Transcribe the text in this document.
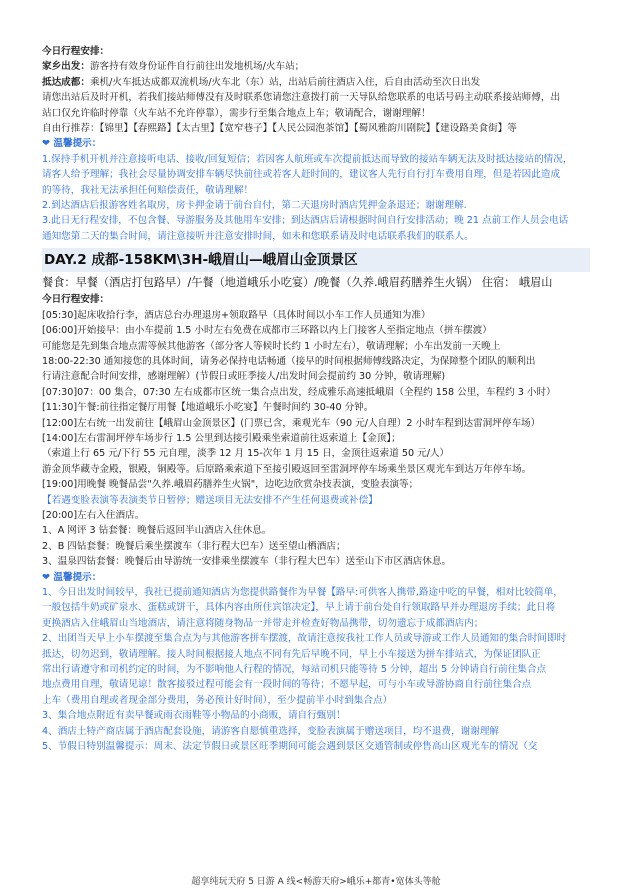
今日行程安排：
家乡出发：游客持有效身份证件自行前往出发地机场/火车站；
抵达成都：乘机/火车抵达成都双流机场/火车北（东）站，出站后前往酒店入住，后自由活动至次日出发
请您出站后及时开机，若我们接站师傅没有及时联系您请您注意拨打前一天导队给您联系的电话号码主动联系接站师傅，出
站口仅允许临时停靠（火车站不允许停靠），需步行至集合地点上车；敬请配合，谢谢理解！
自由行推荐：【锦里】【春熙路】【太古里】【宽窄巷子】【人民公园泡茶馆】【蜀风雅韵川剧院】【建设路美食街】等
❤ 温馨提示：
1.保持手机开机并注意接听电话、接收/回复短信；若因客人航班或车次提前抵达而导致的接站车辆无法及时抵达接站的情况，
请客人给予理解；我社会尽量协调安排车辆尽快前往或若客人赶时间的，建议客人先行自行打车费用自理，但是若因此造成
的等待，我社无法承担任何赔偿责任，敬请理解！
2.到达酒店后报游客姓名取房，房卡押金请于前台自付，第二天退房时酒店凭押金条退还；谢谢理解.
3.此日无行程安排，不包含餐、导游服务及其他用车安排；到达酒店后请根据时间自行安排活动；晚 21 点前工作人员会电话
通知您第二天的集合时间，请注意接听并注意安排时间，如未和您联系请及时电话联系我们的联系人。
DAY.2 成都-158KM\3H-峨眉山—峨眉山金顶景区
餐食：早餐（酒店打包路早）/午餐（地道峨乐小吃宴）/晚餐（久养.峨眉药膳养生火锅） 住宿： 峨眉山
今日行程安排：
[05:30]起床收拾行李，酒店总台办理退房+领取路早（具体时间以小车工作人员通知为准）
[06:00]开始接早：由小车提前 1.5 小时左右免费在成都市三环路以内上门接客人至指定地点（拼车摆渡）
可能您是先到集合地点需等候其他游客（部分客人等候时长约 1 小时左右），敬请理解；小车出发前一天晚上
18:00-22:30 通知接您的具体时间，请务必保持电话畅通（接早的时间根据师傅线路决定，为保障整个团队的顺利出
行请注意配合时间安排，感谢理解）(节假日或旺季接人/出发时间会提前约 30 分钟，敬请理解)
[07:30]07：00 集合，07:30 左右成都市区统一集合点出发，经成雅乐高速抵峨眉（全程约 158 公里，车程约 3 小时）
[11:30]午餐:前往指定餐厅用餐【地道峨乐小吃宴】午餐时间约 30-40 分钟。
[12:00]左右统一出发前往【峨眉山金顶景区】(门票已含，乘观光车（90 元/人自理）2 小时车程到达雷洞坪停车场）
[14:00]左右雷洞坪停车场步行 1.5 公里到达接引殿乘坐索道前往返索道上【金顶】；
（索道上行 65 元/下行 55 元自理，淡季 12 月 15-次年 1 月 15 日，金顶往返索道 50 元/人）
游金顶华藏寺金殿，银殿，铜殿等。后原路乘索道下至接引殿返回至雷洞坪停车场乘坐景区观光车到达万年停车场。
[19:00]用晚餐 晚餐品尝"久养.峨眉药膳养生火锅"，边吃边欣赏杂技表演，变脸表演等；
【若遇变脸表演等表演类节日暂停；赠送项目无法安排不产生任何退费或补偿】
[20:00]左右入住酒店。
1、A 网评 3 钻套餐：晚餐后返回半山酒店入住休息。
2、B 四钻套餐：晚餐后乘坐摆渡车（非行程大巴车）送至望山栖酒店；
3、温泉四钻套餐：晚餐后由导游统一安排乘坐摆渡车（非行程大巴车）送至山下市区酒店休息。
❤ 温馨提示：
1、今日出发时间较早，我社已提前通知酒店为您提供路餐作为早餐【路早:可供客人携带,路途中吃的早餐，相对比较简单，
一般包括牛奶或矿泉水、蛋糕或饼干，具体内容由所住宾馆决定】，早上请于前台处自行领取路早并办理退房手续；此日将
更换酒店入住峨眉山当地酒店，请注意将随身物品一并带走并检查好物品携带，切勿遗忘于成都酒店内；
2、出团当天早上小车摆渡至集合点为与其他游客拼车摆渡，故请注意按我社工作人员或导游或工作人员通知的集合时间即时
抵达，切勿迟到，敬请理解。接人时间根据接人地点不同有先后早晚不同，早上小车接送为拼车排站式，为保证团队正
常出行请遵守和司机约定的时间，为不影响他人行程的情况，每站司机只能等待 5 分钟，超出 5 分钟请自行前往集合点
地点费用自理，敬请见谅！散客接驳过程可能会有一段时间的等待；不愿早起，可与小车或导游协商自行前往集合点
上车（费用自理或者现金部分费用，务必预计好时间），至少提前半小时到集合点）
3、集合地点附近有卖早餐或雨衣雨鞋等小物品的小商贩，请自行甄别！
4、酒店土特产商店属于酒店配套设施，请游客自愿慎重选择，变脸表演属于赠送项目，均不退费，谢谢理解
5、节假日特别温馨提示：周末、法定节假日或景区旺季期间可能会遇到景区交通管制或停售高山区观光车的情况（交
超享纯玩天府 5 日游 A 线<畅游天府>峨乐+都青•宽体头等舱
